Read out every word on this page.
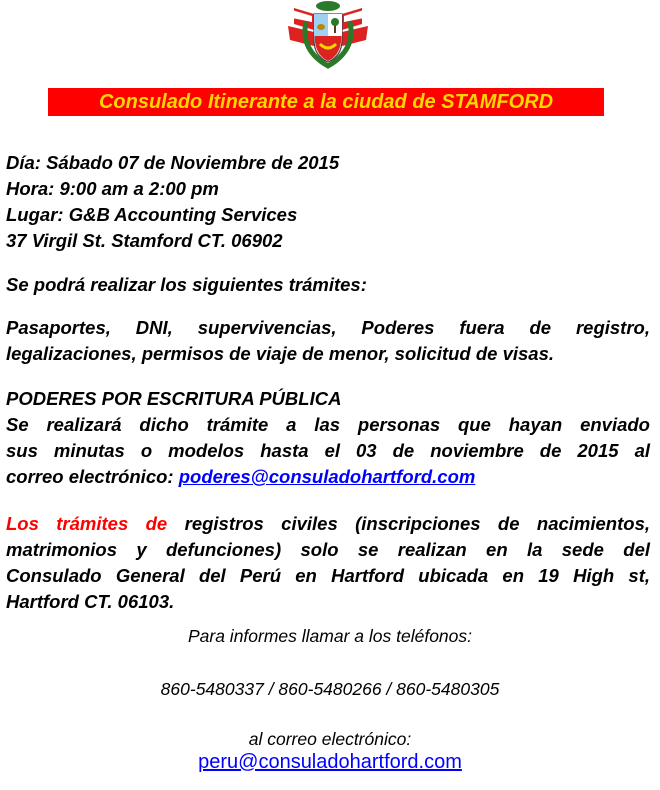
Consulado Itinerante a la ciudad de STAMFORD
Día: Sábado 07 de Noviembre de 2015
Hora: 9:00 am a 2:00 pm
Lugar: G&B Accounting Services
37 Virgil St. Stamford CT. 06902
Se podrá realizar los siguientes trámites:
Pasaportes, DNI, supervivencias, Poderes fuera de registro,
legalizaciones, permisos de viaje de menor, solicitud de visas.
PODERES POR ESCRITURA PÚBLICA
Se realizará dicho trámite a las personas que hayan enviado
sus minutas o modelos hasta el 03 de noviembre de 2015 al
correo electrónico: poderes@consuladohartford.com
Los trámites de registros civiles (inscripciones de nacimientos,
matrimonios y defunciones) solo se realizan en la sede del
Consulado General del Perú en Hartford ubicada en 19 High st,
Hartford CT. 06103.
Para informes llamar a los teléfonos:
860-5480337 / 860-5480266 / 860-5480305
al correo electrónico:
peru@consuladohartford.com
